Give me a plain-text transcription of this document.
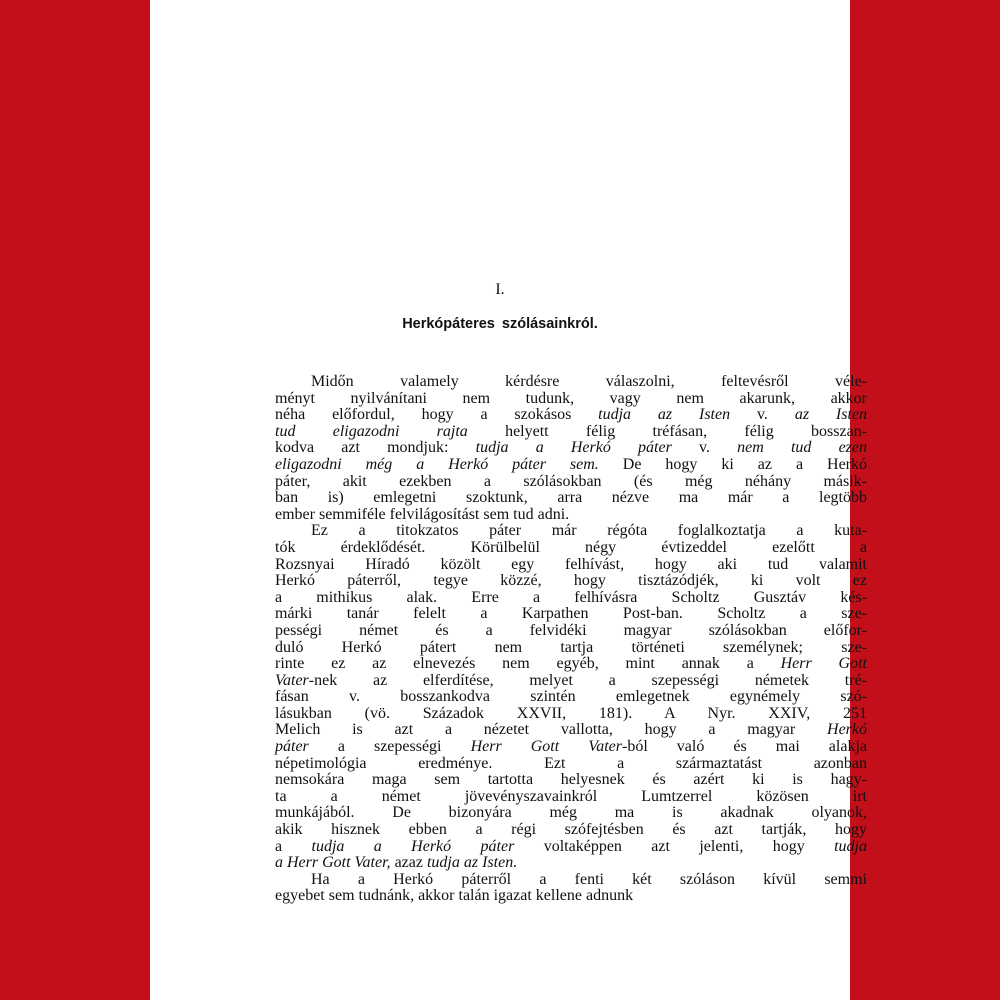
I.
Herkópáteres szólásainkról.
Midőn valamely kérdésre válaszolni, feltevésről véle-
ményt nyilvánítani nem tudunk, vagy nem akarunk, akkor
néha előfordul, hogy a szokásos tudja az Isten v. az Isten
tud eligazodni rajta helyett félig tréfásan, félig bosszan-
kodva azt mondjuk: tudja a Herkó páter v. nem tud ezen
eligazodni még a Herkó páter sem. De hogy ki az a Herkó
páter, akit ezekben a szólásokban (és még néhány másik-
ban is) emlegetni szoktunk, arra nézve ma már a legtöbb
ember semmiféle felvilágosítást sem tud adni.
Ez a titokzatos páter már régóta foglalkoztatja a kuta-
tók érdeklődését. Körülbelül négy évtizeddel ezelőtt a
Rozsnyai Híradó közölt egy felhívást, hogy aki tud valamit
Herkó páterről, tegye közzé, hogy tisztázódjék, ki volt ez
a mithikus alak. Erre a felhívásra Scholtz Gusztáv kés-
márki tanár felelt a Karpathen Post-ban. Scholtz a sze-
pességi német és a felvidéki magyar szólásokban előfor-
duló Herkó pátert nem tartja történeti személynek; sze-
rinte ez az elnevezés nem egyéb, mint annak a Herr Gott
Vater-nek az elferdítése, melyet a szepességi németek tré-
fásan v. bosszankodva szintén emlegetnek egynémely szó-
lásukban (vö. Századok XXVII, 181). A Nyr. XXIV, 251
Melich is azt a nézetet vallotta, hogy a magyar Herkó
páter a szepességi Herr Gott Vater-ból való és mai alakja
népetimológia eredménye. Ezt a származtatást azonban
nemsokára maga sem tartotta helyesnek és azért ki is hagy-
ta a német jövevényszavainkról Lumtzerrel közösen irt
munkájából. De bizonyára még ma is akadnak olyanok,
akik hisznek ebben a régi szófejtésben és azt tartják, hogy
a tudja a Herkó páter voltaképpen azt jelenti, hogy tudja
a Herr Gott Vater, azaz tudja az Isten.
Ha a Herkó páterről a fenti két szóláson kívül semmi
egyebet sem tudnánk, akkor talán igazat kellene adnunk
